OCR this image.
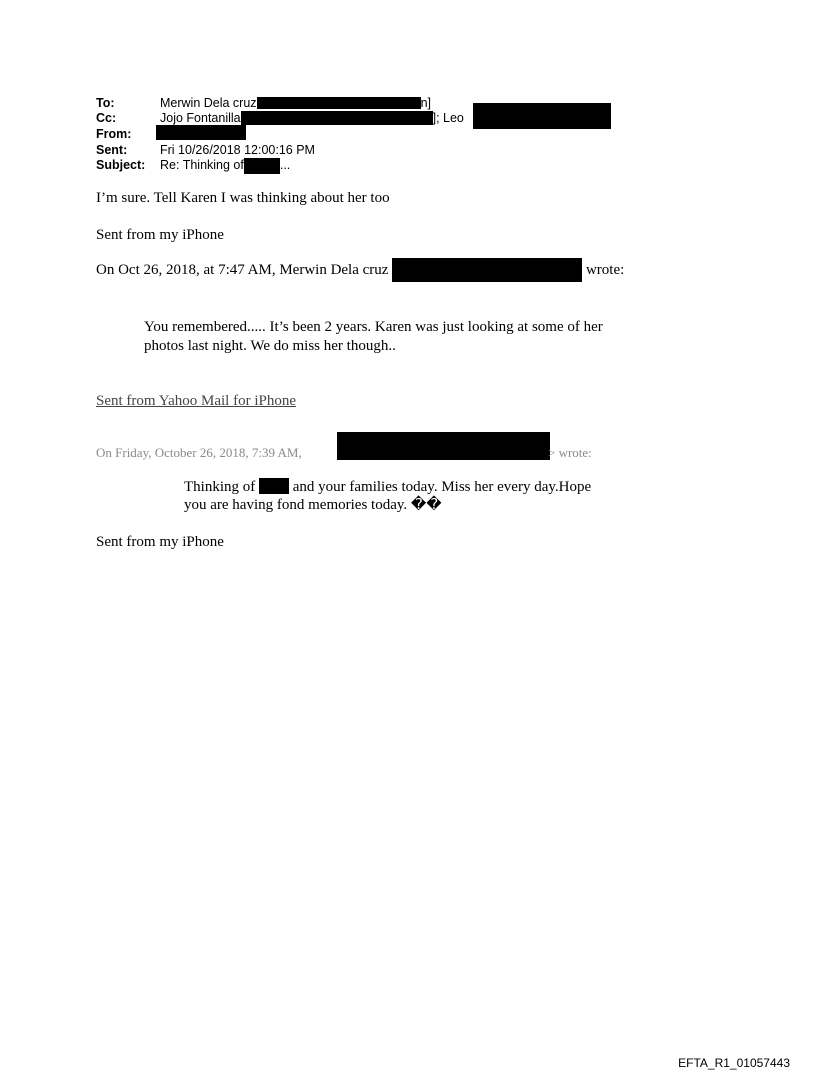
To:	Merwin Dela cruz	n]
Cc:	Jojo Fontanilla	]; Leo
From:
Sent:	Fri 10/26/2018 12:00:16 PM
Subject: Re: Thinking of	...
I’m sure. Tell Karen I was thinking about her too
Sent from my iPhone
On Oct 26, 2018, at 7:47 AM, Merwin Dela cruz	wrote:
You remembered..... It’s been 2 years. Karen was just looking at some of her
photos last night. We do miss her though..
Sent from Yahoo Mail for iPhone
On Friday, October 26, 2018, 7:39 AM,	> wrote:
Thinking of	and your families today. Miss her every day.Hope
you are having fond memories today. ��
Sent from my iPhone
EFTA_R1_01057443
